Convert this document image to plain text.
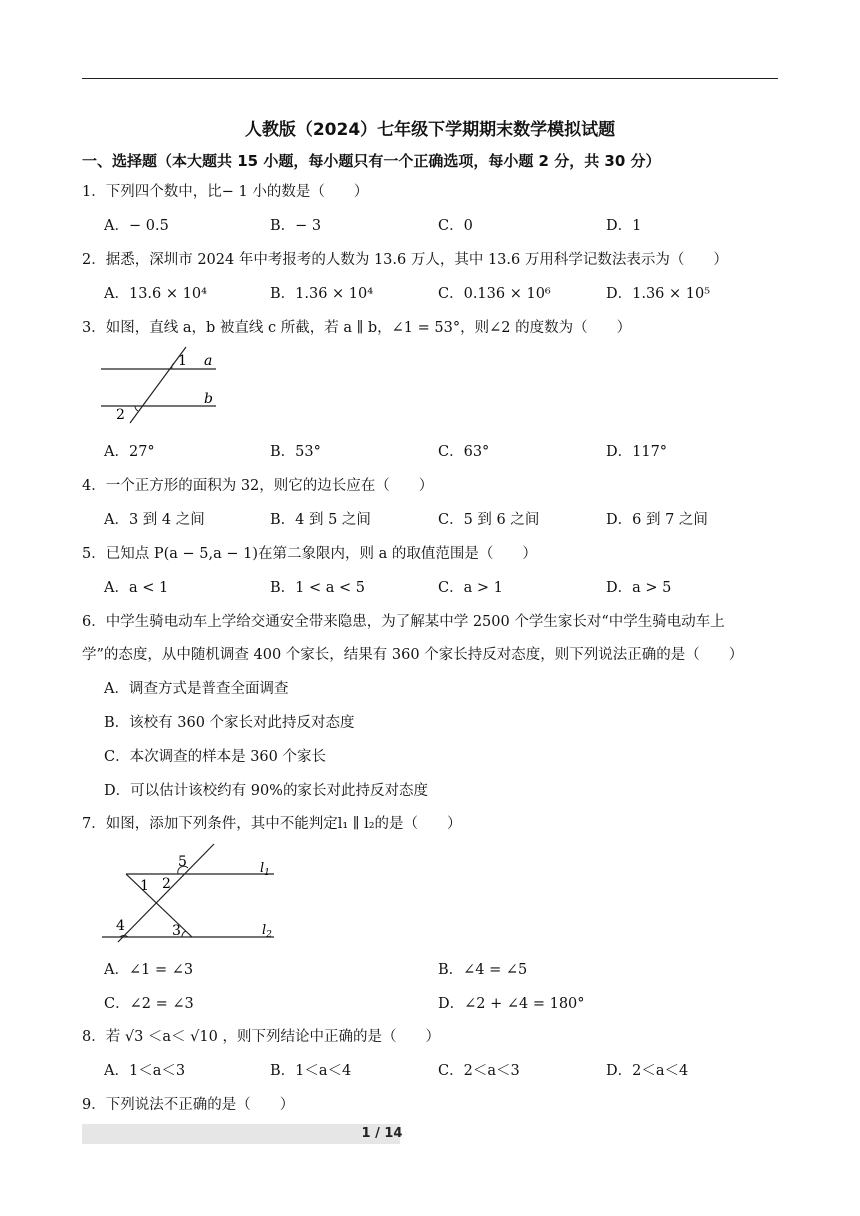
人教版（2024）七年级下学期期末数学模拟试题
一、选择题（本大题共 15 小题，每小题只有一个正确选项，每小题 2 分，共 30 分）
1．下列四个数中，比− 1 小的数是（　　）
A．− 0.5	B．− 3	C．0	D．1
2．据悉，深圳市 2024 年中考报考的人数为 13.6 万人，其中 13.6 万用科学记数法表示为（　　）
A．13.6 × 10⁴	B．1.36 × 10⁴	C．0.136 × 10⁶	D．1.36 × 10⁵
3．如图，直线 a，b 被直线 c 所截，若 a ∥ b，∠1 = 53°，则∠2 的度数为（　　）
1 a
2
b
A．27°	B．53°	C．63°	D．117°
4．一个正方形的面积为 32，则它的边长应在（　　）
A．3 到 4 之间	B．4 到 5 之间	C．5 到 6 之间	D．6 到 7 之间
5．已知点 P(a − 5,a − 1)在第二象限内，则 a 的取值范围是（　　）
A．a < 1	B．1 < a < 5	C．a > 1	D．a > 5
6．中学生骑电动车上学给交通安全带来隐患，为了解某中学 2500 个学生家长对“中学生骑电动车上
学”的态度，从中随机调查 400 个家长，结果有 360 个家长持反对态度，则下列说法正确的是（　　）
A．调查方式是普查全面调查
B．该校有 360 个家长对此持反对态度
C．本次调查的样本是 360 个家长
D．可以估计该校约有 90%的家长对此持反对态度
7．如图，添加下列条件，其中不能判定l₁ ∥ l₂的是（　　）
5	$l_1$
1 2
4	3	$l_2$
A．∠1 = ∠3	B．∠4 = ∠5
C．∠2 = ∠3	D．∠2 + ∠4 = 180°
8．若 √3 ＜a＜ √10 ，则下列结论中正确的是（　　）
A．1＜a＜3	B．1＜a＜4	C．2＜a＜3	D．2＜a＜4
9．下列说法不正确的是（　　）
1 / 14
